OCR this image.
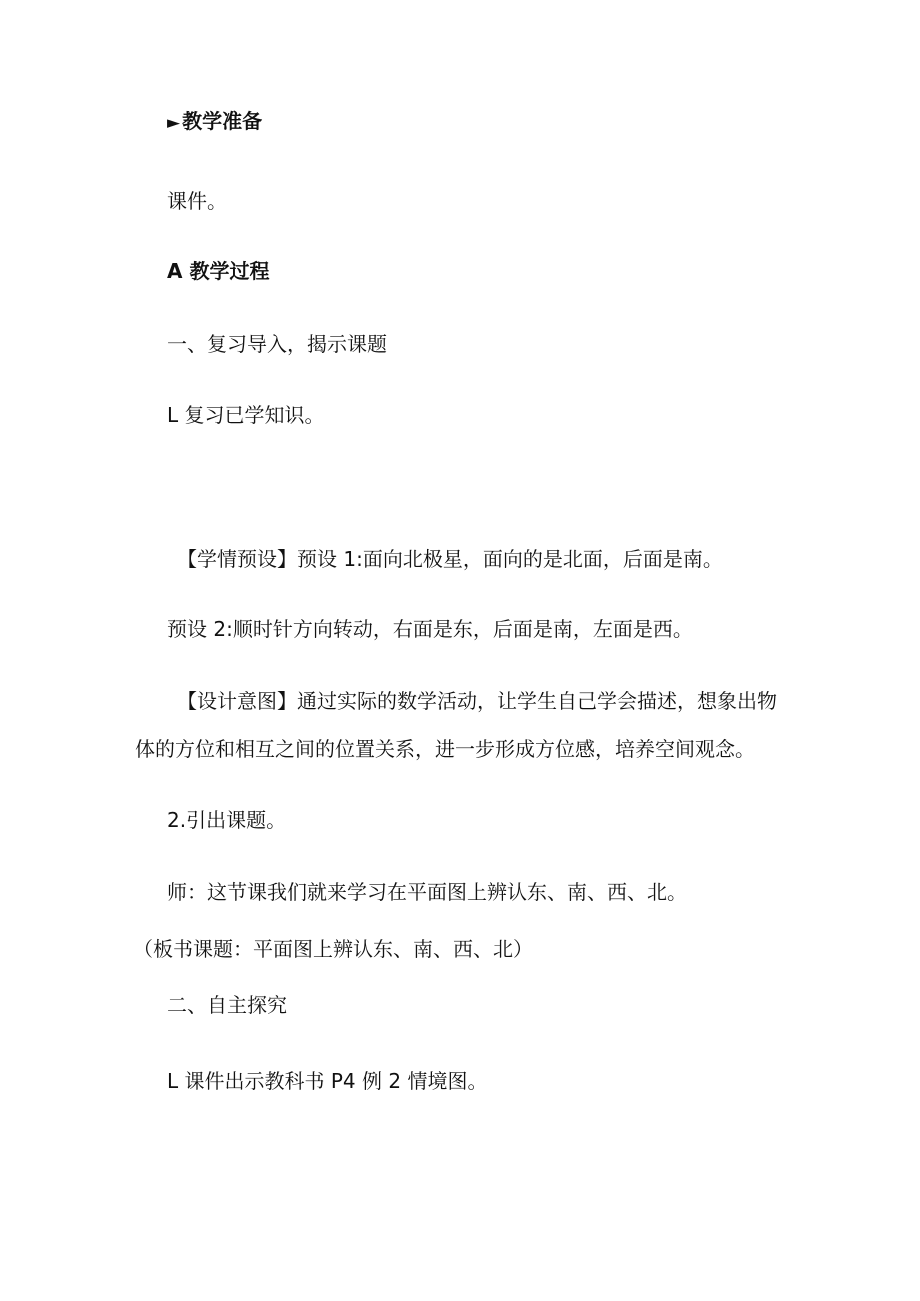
► 教学准备
课件。
A 教学过程
一、复习导入，揭示课题
L 复习已学知识。
【学情预设】预设 1:面向北极星，面向的是北面，后面是南。
预设 2:顺时针方向转动，右面是东，后面是南，左面是西。
【设计意图】通过实际的数学活动，让学生自己学会描述，想象出物
体的方位和相互之间的位置关系，进一步形成方位感，培养空间观念。
2.引出课题。
师：这节课我们就来学习在平面图上辨认东、南、西、北。
（板书课题：平面图上辨认东、南、西、北）
二、自主探究
L 课件出示教科书 P4 例 2 情境图。
